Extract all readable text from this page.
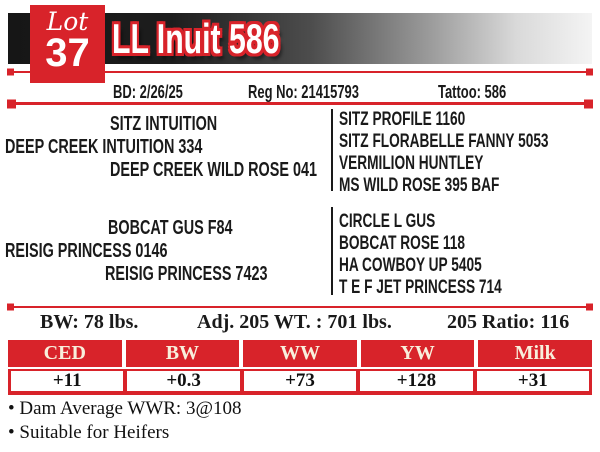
Lot
37 LL Inuit 586
BD: 2/26/25	Reg No: 21415793	Tattoo: 586
SITZ INTUITION
DEEP CREEK INTUITION 334
DEEP CREEK WILD ROSE 041
SITZ PROFILE 1160
SITZ FLORABELLE FANNY 5053
VERMILION HUNTLEY
MS WILD ROSE 395 BAF
BOBCAT GUS F84
REISIG PRINCESS 0146
REISIG PRINCESS 7423
CIRCLE L GUS
BOBCAT ROSE 118
HA COWBOY UP 5405
T E F JET PRINCESS 714
BW: 78 lbs.	Adj. 205 WT. : 701 lbs.	205 Ratio: 116
CED	BW	WW	YW	Milk
+11	+0.3	+73	+128	+31
• Dam Average WWR: 3@108
• Suitable for Heifers
